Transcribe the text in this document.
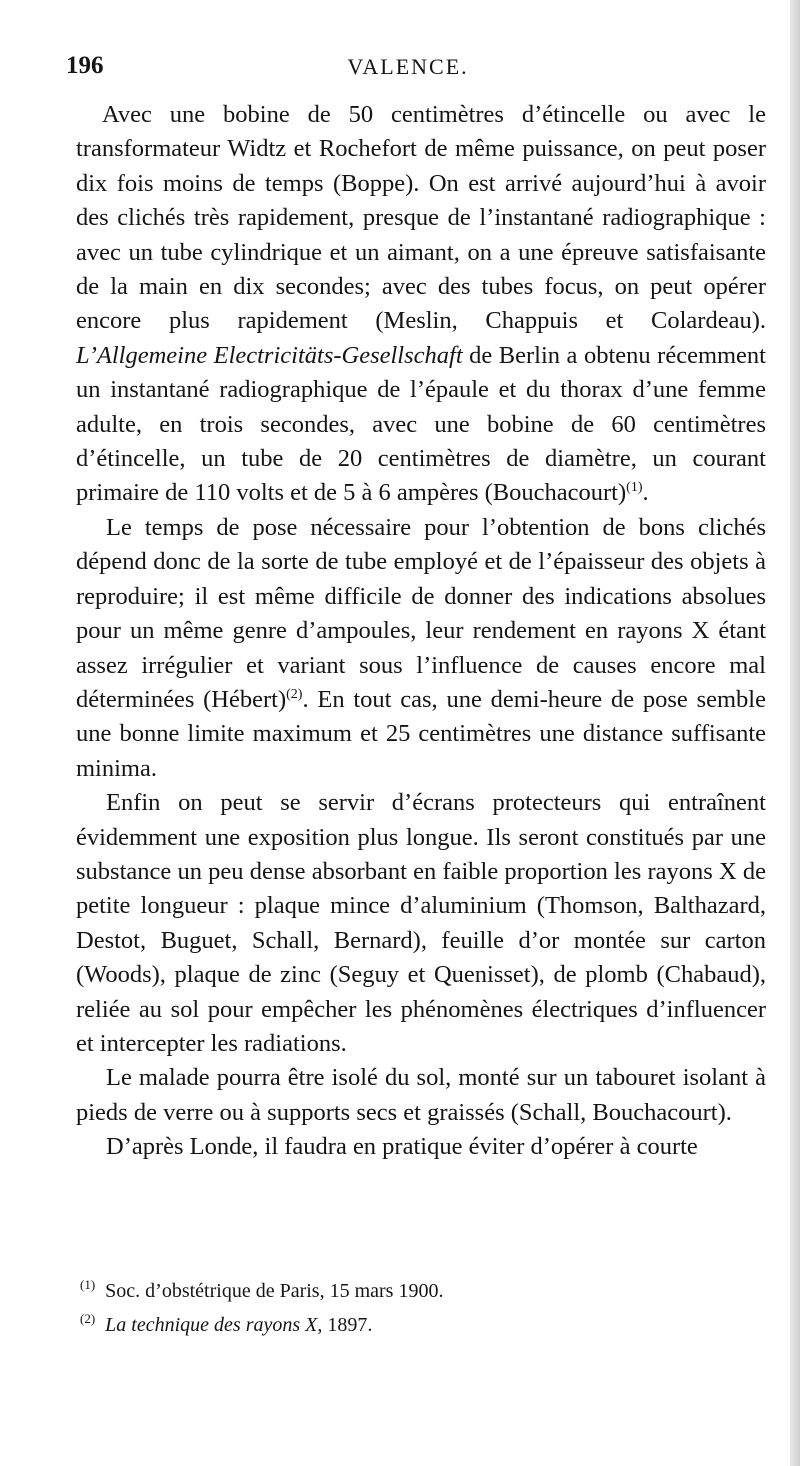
196	VALENCE.

Avec une bobine de 50 centimètres d’étincelle ou avec le transformateur Widtz et Rochefort de même puissance, on peut poser dix fois moins de temps (Boppe). On est arrivé aujourd’hui à avoir des clichés très rapidement, presque de l’instantané radiographique : avec un tube cylindrique et un aimant, on a une épreuve satisfaisante de la main en dix secondes; avec des tubes focus, on peut opérer encore plus rapidement (Meslin, Chappuis et Colardeau). L’Allgemeine Electricitäts-Gesellschaft de Berlin a obtenu récemment un instantané radiographique de l’épaule et du thorax d’une femme adulte, en trois secondes, avec une bobine de 60 centimètres d’étincelle, un tube de 20 centimètres de diamètre, un courant primaire de 110 volts et de 5 à 6 ampères (Bouchacourt)$^{(1)}$.

Le temps de pose nécessaire pour l’obtention de bons clichés dépend donc de la sorte de tube employé et de l’épaisseur des objets à reproduire; il est même difficile de donner des indications absolues pour un même genre d’ampoules, leur rendement en rayons X étant assez irrégulier et variant sous l’influence de causes encore mal déterminées (Hébert)$^{(2)}$. En tout cas, une demi-heure de pose semble une bonne limite maximum et 25 centimètres une distance suffisante minima.

Enfin on peut se servir d’écrans protecteurs qui entraînent évidemment une exposition plus longue. Ils seront constitués par une substance un peu dense absorbant en faible proportion les rayons X de petite longueur : plaque mince d’aluminium (Thomson, Balthazard, Destot, Buguet, Schall, Bernard), feuille d’or montée sur carton (Woods), plaque de zinc (Seguy et Quenisset), de plomb (Chabaud), reliée au sol pour empêcher les phénomènes électriques d’influencer et intercepter les radiations.

Le malade pourra être isolé du sol, monté sur un tabouret isolant à pieds de verre ou à supports secs et graissés (Schall, Bouchacourt).

D’après Londe, il faudra en pratique éviter d’opérer à courte

$^{(1)}$ Soc. d’obstétrique de Paris, 15 mars 1900.

$^{(2)}$ La technique des rayons X, 1897.
